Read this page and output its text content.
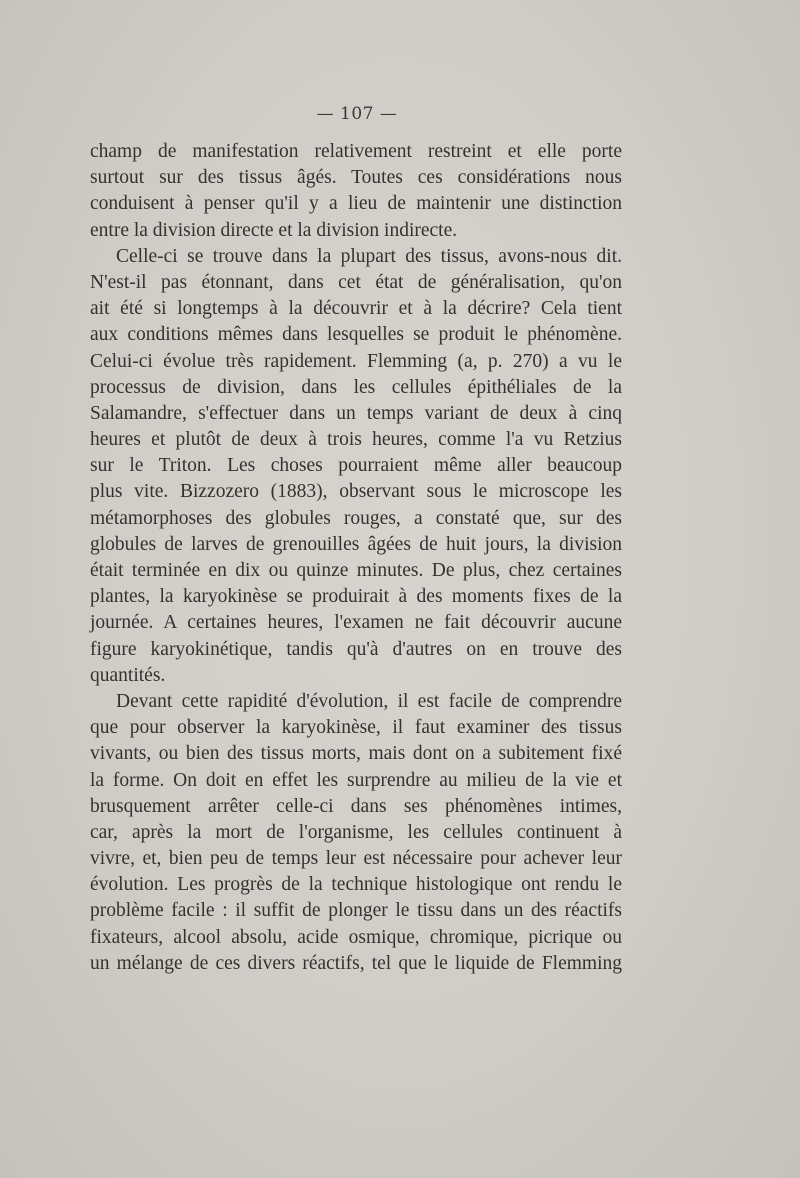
— 107 —
champ de manifestation relativement restreint et elle porte
surtout sur des tissus âgés. Toutes ces considérations nous
conduisent à penser qu'il y a lieu de maintenir une distinction
entre la division directe et la division indirecte.
Celle-ci se trouve dans la plupart des tissus, avons-nous dit.
N'est-il pas étonnant, dans cet état de généralisation, qu'on
ait été si longtemps à la découvrir et à la décrire? Cela tient
aux conditions mêmes dans lesquelles se produit le phénomène.
Celui-ci évolue très rapidement. Flemming (a, p. 270) a vu le
processus de division, dans les cellules épithéliales de la
Salamandre, s'effectuer dans un temps variant de deux à cinq
heures et plutôt de deux à trois heures, comme l'a vu Retzius
sur le Triton. Les choses pourraient même aller beaucoup
plus vite. Bizzozero (1883), observant sous le microscope les
métamorphoses des globules rouges, a constaté que, sur des
globules de larves de grenouilles âgées de huit jours, la division
était terminée en dix ou quinze minutes. De plus, chez certaines
plantes, la karyokinèse se produirait à des moments fixes de la
journée. A certaines heures, l'examen ne fait découvrir aucune
figure karyokinétique, tandis qu'à d'autres on en trouve des
quantités.
Devant cette rapidité d'évolution, il est facile de comprendre
que pour observer la karyokinèse, il faut examiner des tissus
vivants, ou bien des tissus morts, mais dont on a subitement fixé
la forme. On doit en effet les surprendre au milieu de la vie et
brusquement arrêter celle-ci dans ses phénomènes intimes,
car, après la mort de l'organisme, les cellules continuent à
vivre, et, bien peu de temps leur est nécessaire pour achever leur
évolution. Les progrès de la technique histologique ont rendu le
problème facile : il suffit de plonger le tissu dans un des réactifs
fixateurs, alcool absolu, acide osmique, chromique, picrique ou
un mélange de ces divers réactifs, tel que le liquide de Flemming
